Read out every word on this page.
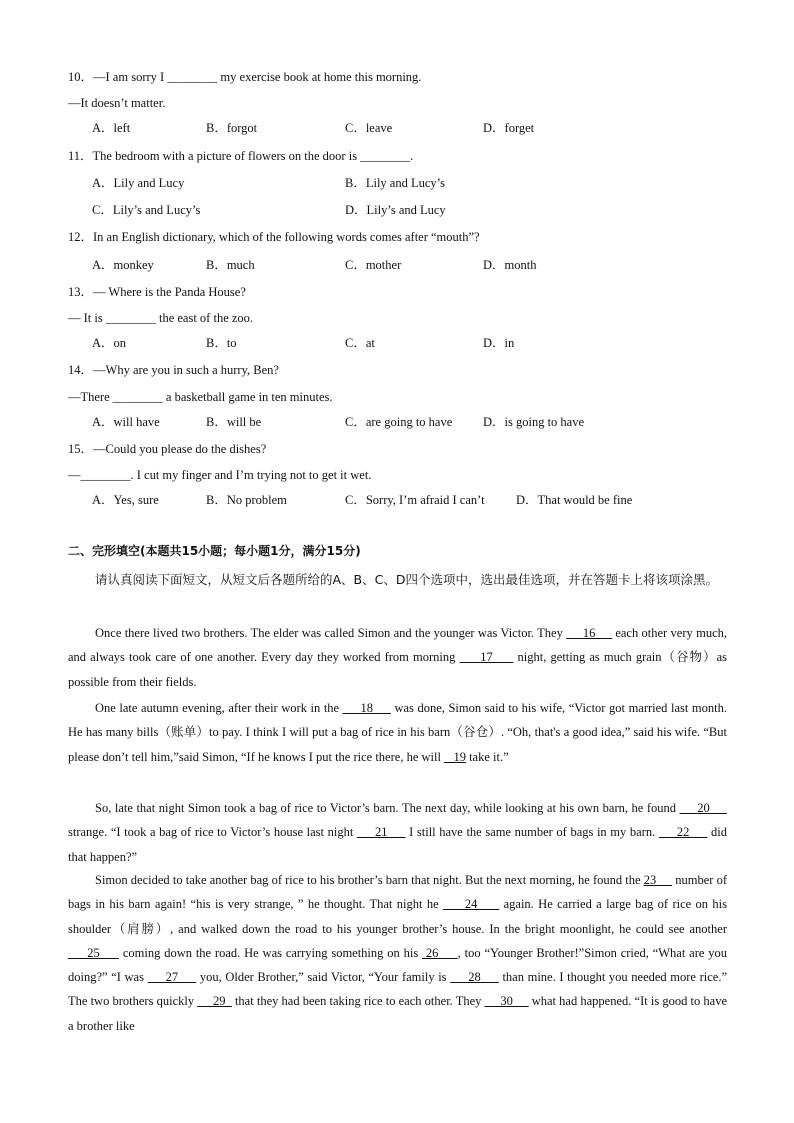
10．—I am sorry I ________ my exercise book at home this morning.
—It doesn’t matter.
A．left	B．forgot	C．leave	D．forget
11．The bedroom with a picture of flowers on the door is ________.
A．Lily and Lucy	B．Lily and Lucy’s
C．Lily’s and Lucy’s	D．Lily’s and Lucy
12．In an English dictionary, which of the following words comes after “mouth”?
A．monkey	B．much	C．mother	D．month
13．— Where is the Panda House?
— It is ________ the east of the zoo.
A．on	B．to	C．at	D．in
14．—Why are you in such a hurry, Ben?
—There ________ a basketball game in ten minutes.
A．will have	B．will be	C．are going to have D．is going to have
15．—Could you please do the dishes?
—________. I cut my finger and I’m trying not to get it wet.
A．Yes, sure	B．No problem	C．Sorry, I’m afraid I can’t	D．That would be fine
二、完形填空(本题共15小题；每小题1分，满分15分)
请认真阅读下面短文，从短文后各题所给的A、B、C、D四个选项中，选出最佳选项，并在答题卡上将该项涂黑。
Once there lived two brothers. The elder was called Simon and the younger was Victor. They      16      each other very much, and always took care of one another. Every day they worked from morning      17      night, getting as much grain（谷物）as possible from their fields.
One late autumn evening, after their work in the      18      was done, Simon said to his wife, “Victor got married last month. He has many bills（账单）to pay. I think I will put a bag of rice in his barn（谷仓）. “Oh, that's a good idea,” said his wife. “But please don’t tell him,”said Simon, “If he knows I put the rice there, he will    19 take it.”
So, late that night Simon took a bag of rice to Victor’s barn. The next day, while looking at his own barn, he found      20      strange. “I took a bag of rice to Victor’s house last night      21      I still have the same number of bags in my barn.      22      did that happen?”
Simon decided to take another bag of rice to his brother’s barn that night. But the next morning, he found the 23      number of bags in his barn again! “his is very strange, ” he thought. That night he      24      again. He carried a large bag of rice on his shoulder（肩膀）, and walked down the road to his younger brother’s house. In the bright moonlight, he could see another      25      coming down the road. He was carrying something on his  26     , too “Younger Brother!”Simon cried, “What are you doing?” “I was      27      you, Older Brother,” said Victor, “Your family is      28      than mine. I thought you needed more rice.” The two brothers quickly      29   that they had been taking rice to each other. They      30      what had happened. “It is good to have a brother like
